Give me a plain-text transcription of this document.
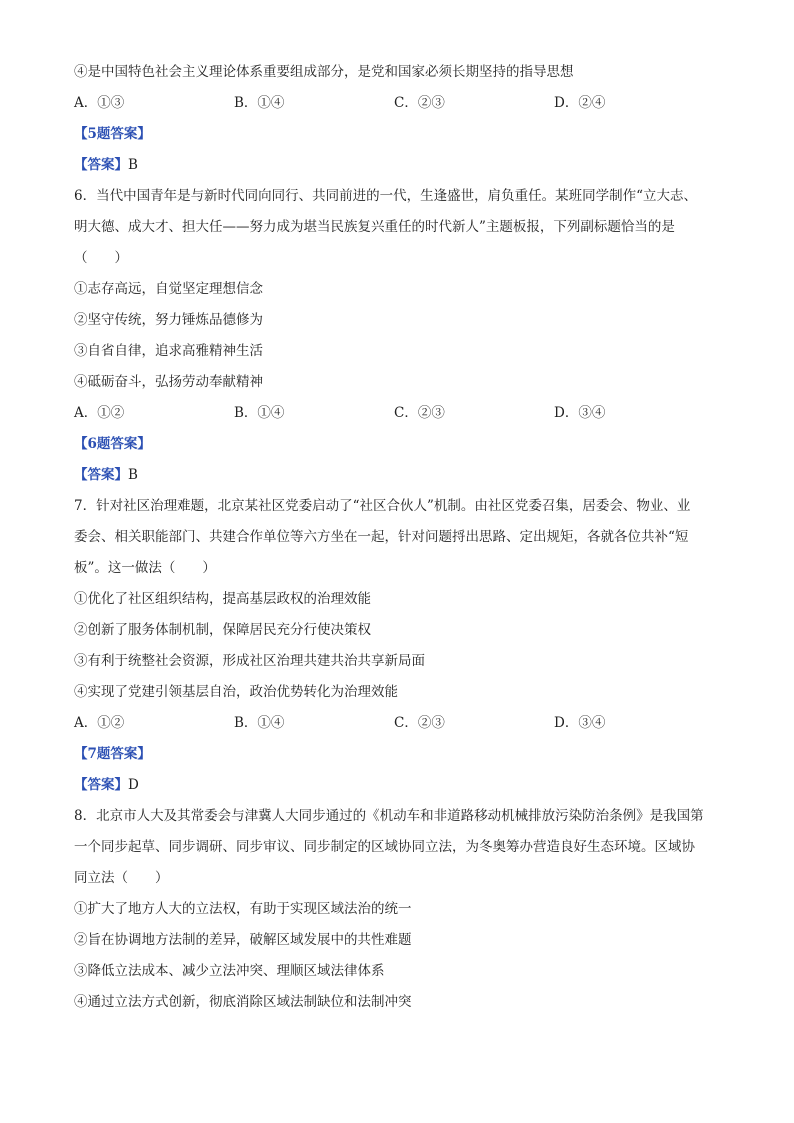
④是中国特色社会主义理论体系重要组成部分，是党和国家必须长期坚持的指导思想
A．①③	B．①④	C．②③	D．②④
【5题答案】
【答案】B
6．当代中国青年是与新时代同向同行、共同前进的一代，生逢盛世，肩负重任。某班同学制作“立大志、
明大德、成大才、担大任——努力成为堪当民族复兴重任的时代新人”主题板报，下列副标题恰当的是
（　　）
①志存高远，自觉坚定理想信念
②坚守传统，努力锤炼品德修为
③自省自律，追求高雅精神生活
④砥砺奋斗，弘扬劳动奉献精神
A．①②	B．①④	C．②③	D．③④
【6题答案】
【答案】B
7．针对社区治理难题，北京某社区党委启动了“社区合伙人”机制。由社区党委召集，居委会、物业、业
委会、相关职能部门、共建合作单位等六方坐在一起，针对问题捋出思路、定出规矩，各就各位共补“短
板”。这一做法（　　）
①优化了社区组织结构，提高基层政权的治理效能
②创新了服务体制机制，保障居民充分行使决策权
③有利于统整社会资源，形成社区治理共建共治共享新局面
④实现了党建引领基层自治，政治优势转化为治理效能
A．①②	B．①④	C．②③	D．③④
【7题答案】
【答案】D
8．北京市人大及其常委会与津冀人大同步通过的《机动车和非道路移动机械排放污染防治条例》是我国第
一个同步起草、同步调研、同步审议、同步制定的区域协同立法，为冬奥筹办营造良好生态环境。区域协
同立法（　　）
①扩大了地方人大的立法权，有助于实现区域法治的统一
②旨在协调地方法制的差异，破解区域发展中的共性难题
③降低立法成本、减少立法冲突、理顺区域法律体系
④通过立法方式创新，彻底消除区域法制缺位和法制冲突
